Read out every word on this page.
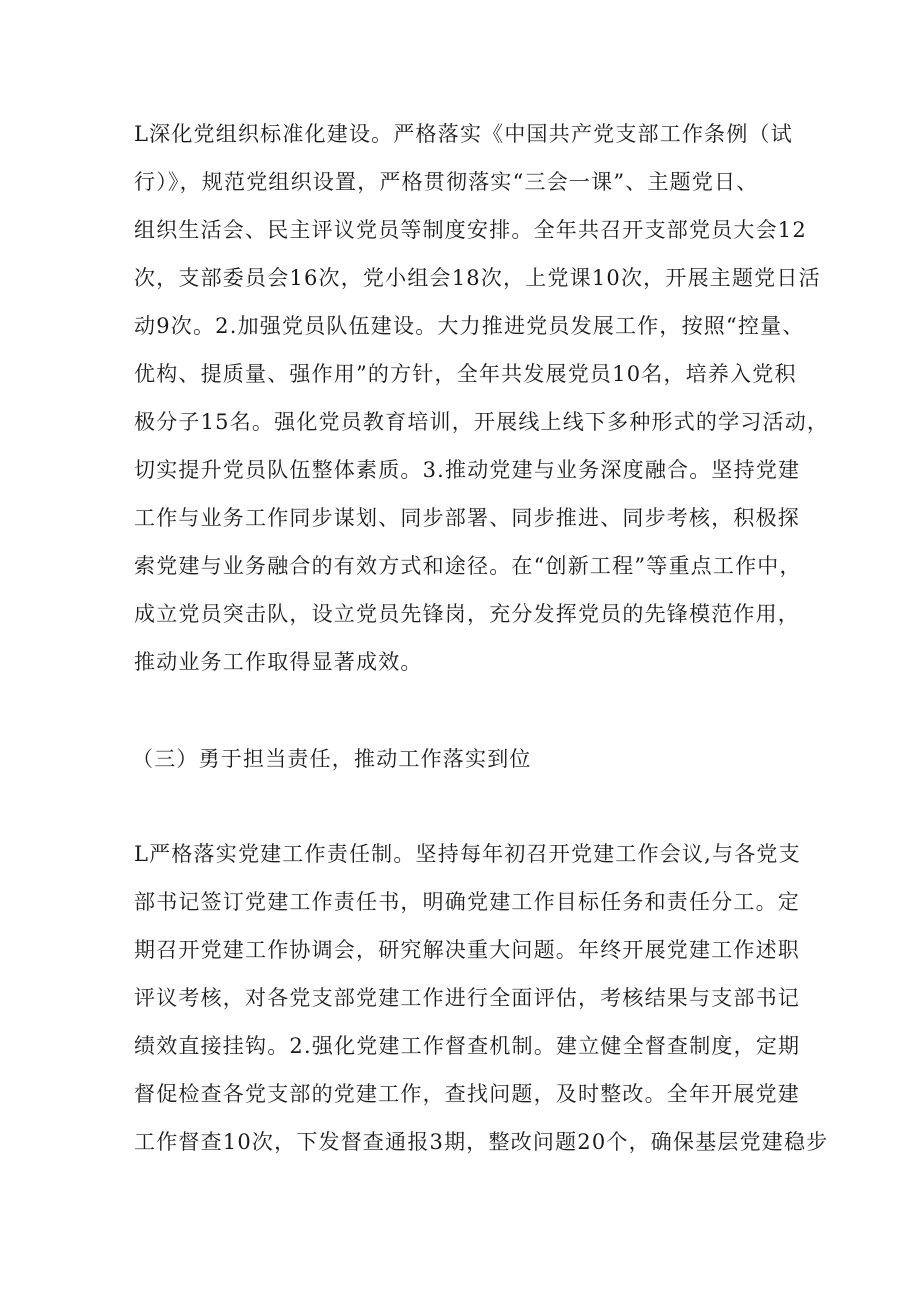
L深化党组织标准化建设。严格落实《中国共产党支部工作条例（试
行）》，规范党组织设置，严格贯彻落实“三会一课”、主题党日、
组织生活会、民主评议党员等制度安排。全年共召开支部党员大会12
次，支部委员会16次，党小组会18次，上党课10次，开展主题党日活
动9次。2.加强党员队伍建设。大力推进党员发展工作，按照“控量、
优构、提质量、强作用”的方针，全年共发展党员10名，培养入党积
极分子15名。强化党员教育培训，开展线上线下多种形式的学习活动，
切实提升党员队伍整体素质。3.推动党建与业务深度融合。坚持党建
工作与业务工作同步谋划、同步部署、同步推进、同步考核，积极探
索党建与业务融合的有效方式和途径。在“创新工程”等重点工作中，
成立党员突击队，设立党员先锋岗，充分发挥党员的先锋模范作用，
推动业务工作取得显著成效。
（三）勇于担当责任，推动工作落实到位
L严格落实党建工作责任制。坚持每年初召开党建工作会议,与各党支
部书记签订党建工作责任书，明确党建工作目标任务和责任分工。定
期召开党建工作协调会，研究解决重大问题。年终开展党建工作述职
评议考核，对各党支部党建工作进行全面评估，考核结果与支部书记
绩效直接挂钩。2.强化党建工作督查机制。建立健全督查制度，定期
督促检查各党支部的党建工作，查找问题，及时整改。全年开展党建
工作督查10次，下发督查通报3期，整改问题20个，确保基层党建稳步
